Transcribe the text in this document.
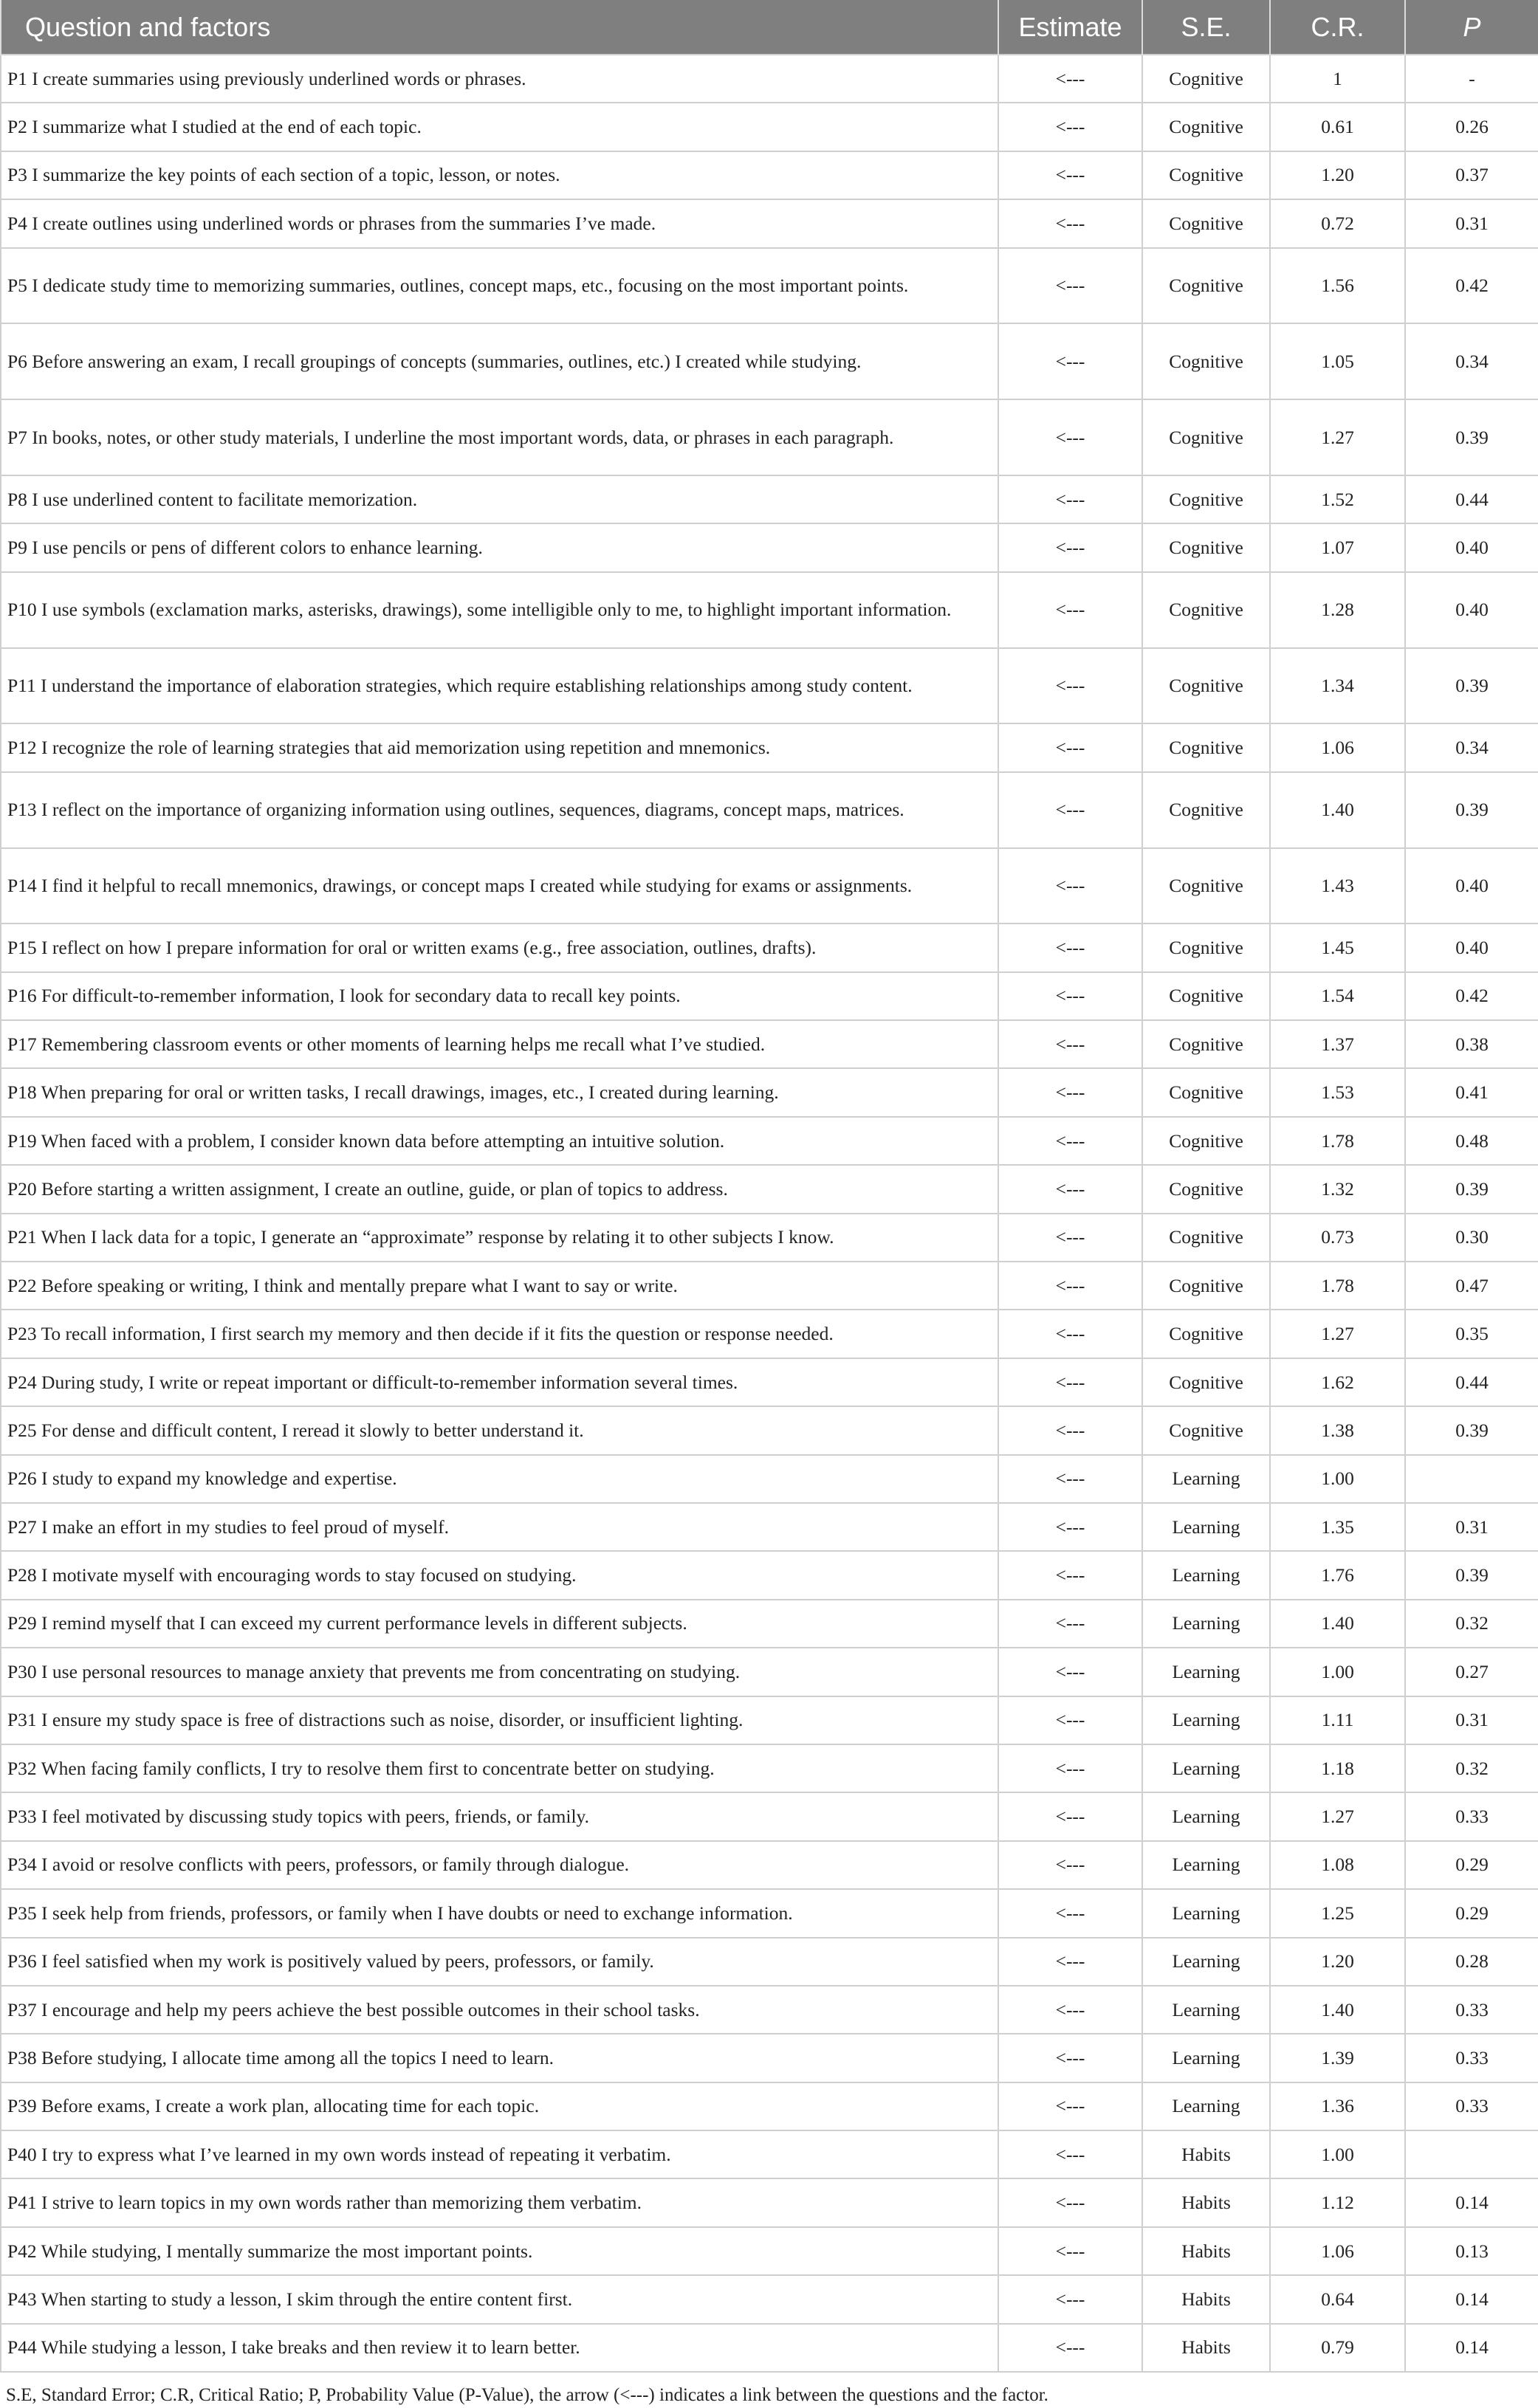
Question and factors	Estimate	S.E.	C.R.	P
P1 I create summaries using previously underlined words or phrases.	<---	Cognitive	1	-
P2 I summarize what I studied at the end of each topic.	<---	Cognitive	0.61	0.26
P3 I summarize the key points of each section of a topic, lesson, or notes.	<---	Cognitive	1.20	0.37
P4 I create outlines using underlined words or phrases from the summaries I’ve made.	<---	Cognitive	0.72	0.31
P5 I dedicate study time to memorizing summaries, outlines, concept maps, etc., focusing on the most important points.	<---	Cognitive	1.56	0.42
P6 Before answering an exam, I recall groupings of concepts (summaries, outlines, etc.) I created while studying.	<---	Cognitive	1.05	0.34
P7 In books, notes, or other study materials, I underline the most important words, data, or phrases in each paragraph.	<---	Cognitive	1.27	0.39
P8 I use underlined content to facilitate memorization.	<---	Cognitive	1.52	0.44
P9 I use pencils or pens of different colors to enhance learning.	<---	Cognitive	1.07	0.40
P10 I use symbols (exclamation marks, asterisks, drawings), some intelligible only to me, to highlight important information.	<---	Cognitive	1.28	0.40
P11 I understand the importance of elaboration strategies, which require establishing relationships among study content.	<---	Cognitive	1.34	0.39
P12 I recognize the role of learning strategies that aid memorization using repetition and mnemonics.	<---	Cognitive	1.06	0.34
P13 I reflect on the importance of organizing information using outlines, sequences, diagrams, concept maps, matrices.	<---	Cognitive	1.40	0.39
P14 I find it helpful to recall mnemonics, drawings, or concept maps I created while studying for exams or assignments.	<---	Cognitive	1.43	0.40
P15 I reflect on how I prepare information for oral or written exams (e.g., free association, outlines, drafts).	<---	Cognitive	1.45	0.40
P16 For difficult-to-remember information, I look for secondary data to recall key points.	<---	Cognitive	1.54	0.42
P17 Remembering classroom events or other moments of learning helps me recall what I’ve studied.	<---	Cognitive	1.37	0.38
P18 When preparing for oral or written tasks, I recall drawings, images, etc., I created during learning.	<---	Cognitive	1.53	0.41
P19 When faced with a problem, I consider known data before attempting an intuitive solution.	<---	Cognitive	1.78	0.48
P20 Before starting a written assignment, I create an outline, guide, or plan of topics to address.	<---	Cognitive	1.32	0.39
P21 When I lack data for a topic, I generate an “approximate” response by relating it to other subjects I know.	<---	Cognitive	0.73	0.30
P22 Before speaking or writing, I think and mentally prepare what I want to say or write.	<---	Cognitive	1.78	0.47
P23 To recall information, I first search my memory and then decide if it fits the question or response needed.	<---	Cognitive	1.27	0.35
P24 During study, I write or repeat important or difficult-to-remember information several times.	<---	Cognitive	1.62	0.44
P25 For dense and difficult content, I reread it slowly to better understand it.	<---	Cognitive	1.38	0.39
P26 I study to expand my knowledge and expertise.	<---	Learning	1.00	
P27 I make an effort in my studies to feel proud of myself.	<---	Learning	1.35	0.31
P28 I motivate myself with encouraging words to stay focused on studying.	<---	Learning	1.76	0.39
P29 I remind myself that I can exceed my current performance levels in different subjects.	<---	Learning	1.40	0.32
P30 I use personal resources to manage anxiety that prevents me from concentrating on studying.	<---	Learning	1.00	0.27
P31 I ensure my study space is free of distractions such as noise, disorder, or insufficient lighting.	<---	Learning	1.11	0.31
P32 When facing family conflicts, I try to resolve them first to concentrate better on studying.	<---	Learning	1.18	0.32
P33 I feel motivated by discussing study topics with peers, friends, or family.	<---	Learning	1.27	0.33
P34 I avoid or resolve conflicts with peers, professors, or family through dialogue.	<---	Learning	1.08	0.29
P35 I seek help from friends, professors, or family when I have doubts or need to exchange information.	<---	Learning	1.25	0.29
P36 I feel satisfied when my work is positively valued by peers, professors, or family.	<---	Learning	1.20	0.28
P37 I encourage and help my peers achieve the best possible outcomes in their school tasks.	<---	Learning	1.40	0.33
P38 Before studying, I allocate time among all the topics I need to learn.	<---	Learning	1.39	0.33
P39 Before exams, I create a work plan, allocating time for each topic.	<---	Learning	1.36	0.33
P40 I try to express what I’ve learned in my own words instead of repeating it verbatim.	<---	Habits	1.00	
P41 I strive to learn topics in my own words rather than memorizing them verbatim.	<---	Habits	1.12	0.14
P42 While studying, I mentally summarize the most important points.	<---	Habits	1.06	0.13
P43 When starting to study a lesson, I skim through the entire content first.	<---	Habits	0.64	0.14
P44 While studying a lesson, I take breaks and then review it to learn better.	<---	Habits	0.79	0.14
S.E, Standard Error; C.R, Critical Ratio; P, Probability Value (P-Value), the arrow (<---) indicates a link between the questions and the factor.
